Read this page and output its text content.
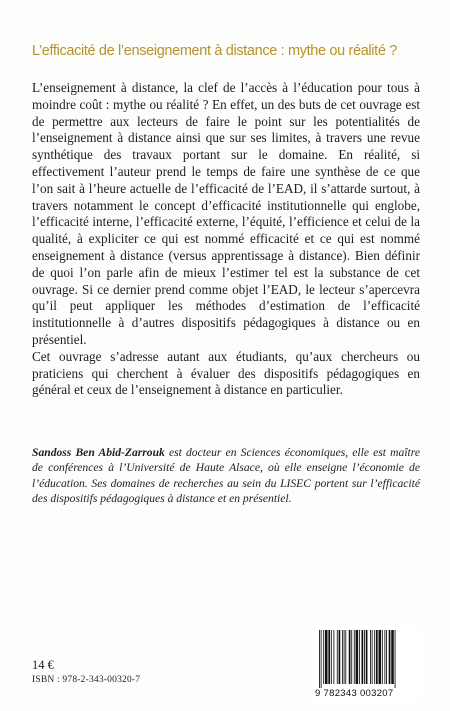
L’efficacité de l’enseignement à distance : mythe ou réalité ?

L’enseignement à distance, la clef de l’accès à l’éducation pour tous à moindre coût : mythe ou réalité ? En effet, un des buts de cet ouvrage est de permettre aux lecteurs de faire le point sur les potentialités de l’enseignement à distance ainsi que sur ses limites, à travers une revue synthétique des travaux portant sur le domaine. En réalité, si effectivement l’auteur prend le temps de faire une synthèse de ce que l’on sait à l’heure actuelle de l’efficacité de l’EAD, il s’attarde surtout, à travers notamment le concept d’efficacité institutionnelle qui englobe, l’efficacité interne, l’efficacité externe, l’équité, l’efficience et celui de la qualité, à expliciter ce qui est nommé efficacité et ce qui est nommé enseignement à distance (versus apprentissage à distance). Bien définir de quoi l’on parle afin de mieux l’estimer tel est la substance de cet ouvrage. Si ce dernier prend comme objet l’EAD, le lecteur s’apercevra qu’il peut appliquer les méthodes d’estimation de l’efficacité institutionnelle à d’autres dispositifs pédagogiques à distance ou en présentiel.

Cet ouvrage s’adresse autant aux étudiants, qu’aux chercheurs ou praticiens qui cherchent à évaluer des dispositifs pédagogiques en général et ceux de l’enseignement à distance en particulier.

Sandoss Ben Abid-Zarrouk est docteur en Sciences économiques, elle est maître de conférences à l’Université de Haute Alsace, où elle enseigne l’économie de l’éducation. Ses domaines de recherches au sein du LISEC portent sur l’efficacité des dispositifs pédagogiques à distance et en présentiel.
14 €
ISBN : 978-2-343-00320-7
9 782343 003207
